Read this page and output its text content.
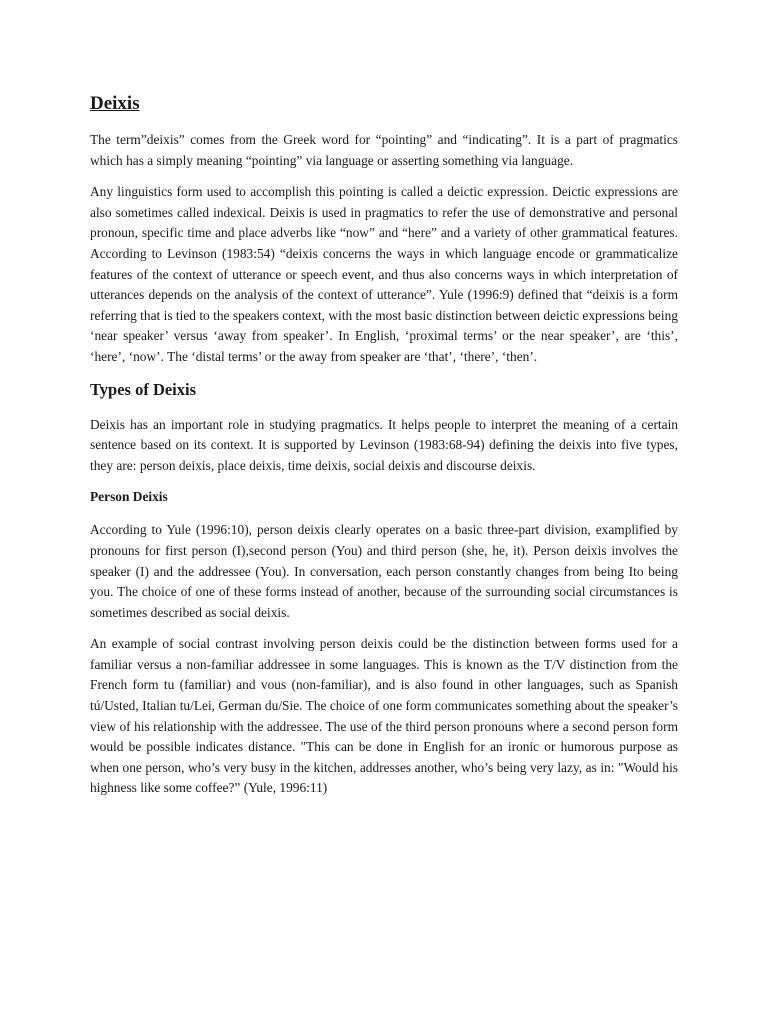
Deixis

The term”deixis” comes from the Greek word for “pointing” and “indicating”. It is a part of pragmatics which has a simply meaning “pointing” via language or asserting something via language.

Any linguistics form used to accomplish this pointing is called a deictic expression. Deictic expressions are also sometimes called indexical. Deixis is used in pragmatics to refer the use of demonstrative and personal pronoun, specific time and place adverbs like “now” and “here” and a variety of other grammatical features. According to Levinson (1983:54) “deixis concerns the ways in which language encode or grammaticalize features of the context of utterance or speech event, and thus also concerns ways in which interpretation of utterances depends on the analysis of the context of utterance”. Yule (1996:9) defined that “deixis is a form referring that is tied to the speakers context, with the most basic distinction between deictic expressions being ‘near speaker’ versus ‘away from speaker’. In English, ‘proximal terms’ or the near speaker’, are ‘this’, ‘here’, ‘now’. The ‘distal terms’ or the away from speaker are ‘that’, ‘there’, ‘then’.

Types of Deixis

Deixis has an important role in studying pragmatics. It helps people to interpret the meaning of a certain sentence based on its context. It is supported by Levinson (1983:68-94) defining the deixis into five types, they are: person deixis, place deixis, time deixis, social deixis and discourse deixis.

Person Deixis

According to Yule (1996:10), person deixis clearly operates on a basic three-part division, examplified by pronouns for first person (I),second person (You) and third person (she, he, it). Person deixis involves the speaker (I) and the addressee (You). In conversation, each person constantly changes from being Ito being you. The choice of one of these forms instead of another, because of the surrounding social circumstances is sometimes described as social deixis.

An example of social contrast involving person deixis could be the distinction between forms used for a familiar versus a non-familiar addressee in some languages. This is known as the T/V distinction from the French form tu (familiar) and vous (non-familiar), and is also found in other languages, such as Spanish tú/Usted, Italian tu/Lei, German du/Sie. The choice of one form communicates something about the speaker’s view of his relationship with the addressee. The use of the third person pronouns where a second person form would be possible indicates distance. "This can be done in English for an ironic or humorous purpose as when one person, who’s very busy in the kitchen, addresses another, who’s being very lazy, as in: "Would his highness like some coffee?” (Yule, 1996:11)
